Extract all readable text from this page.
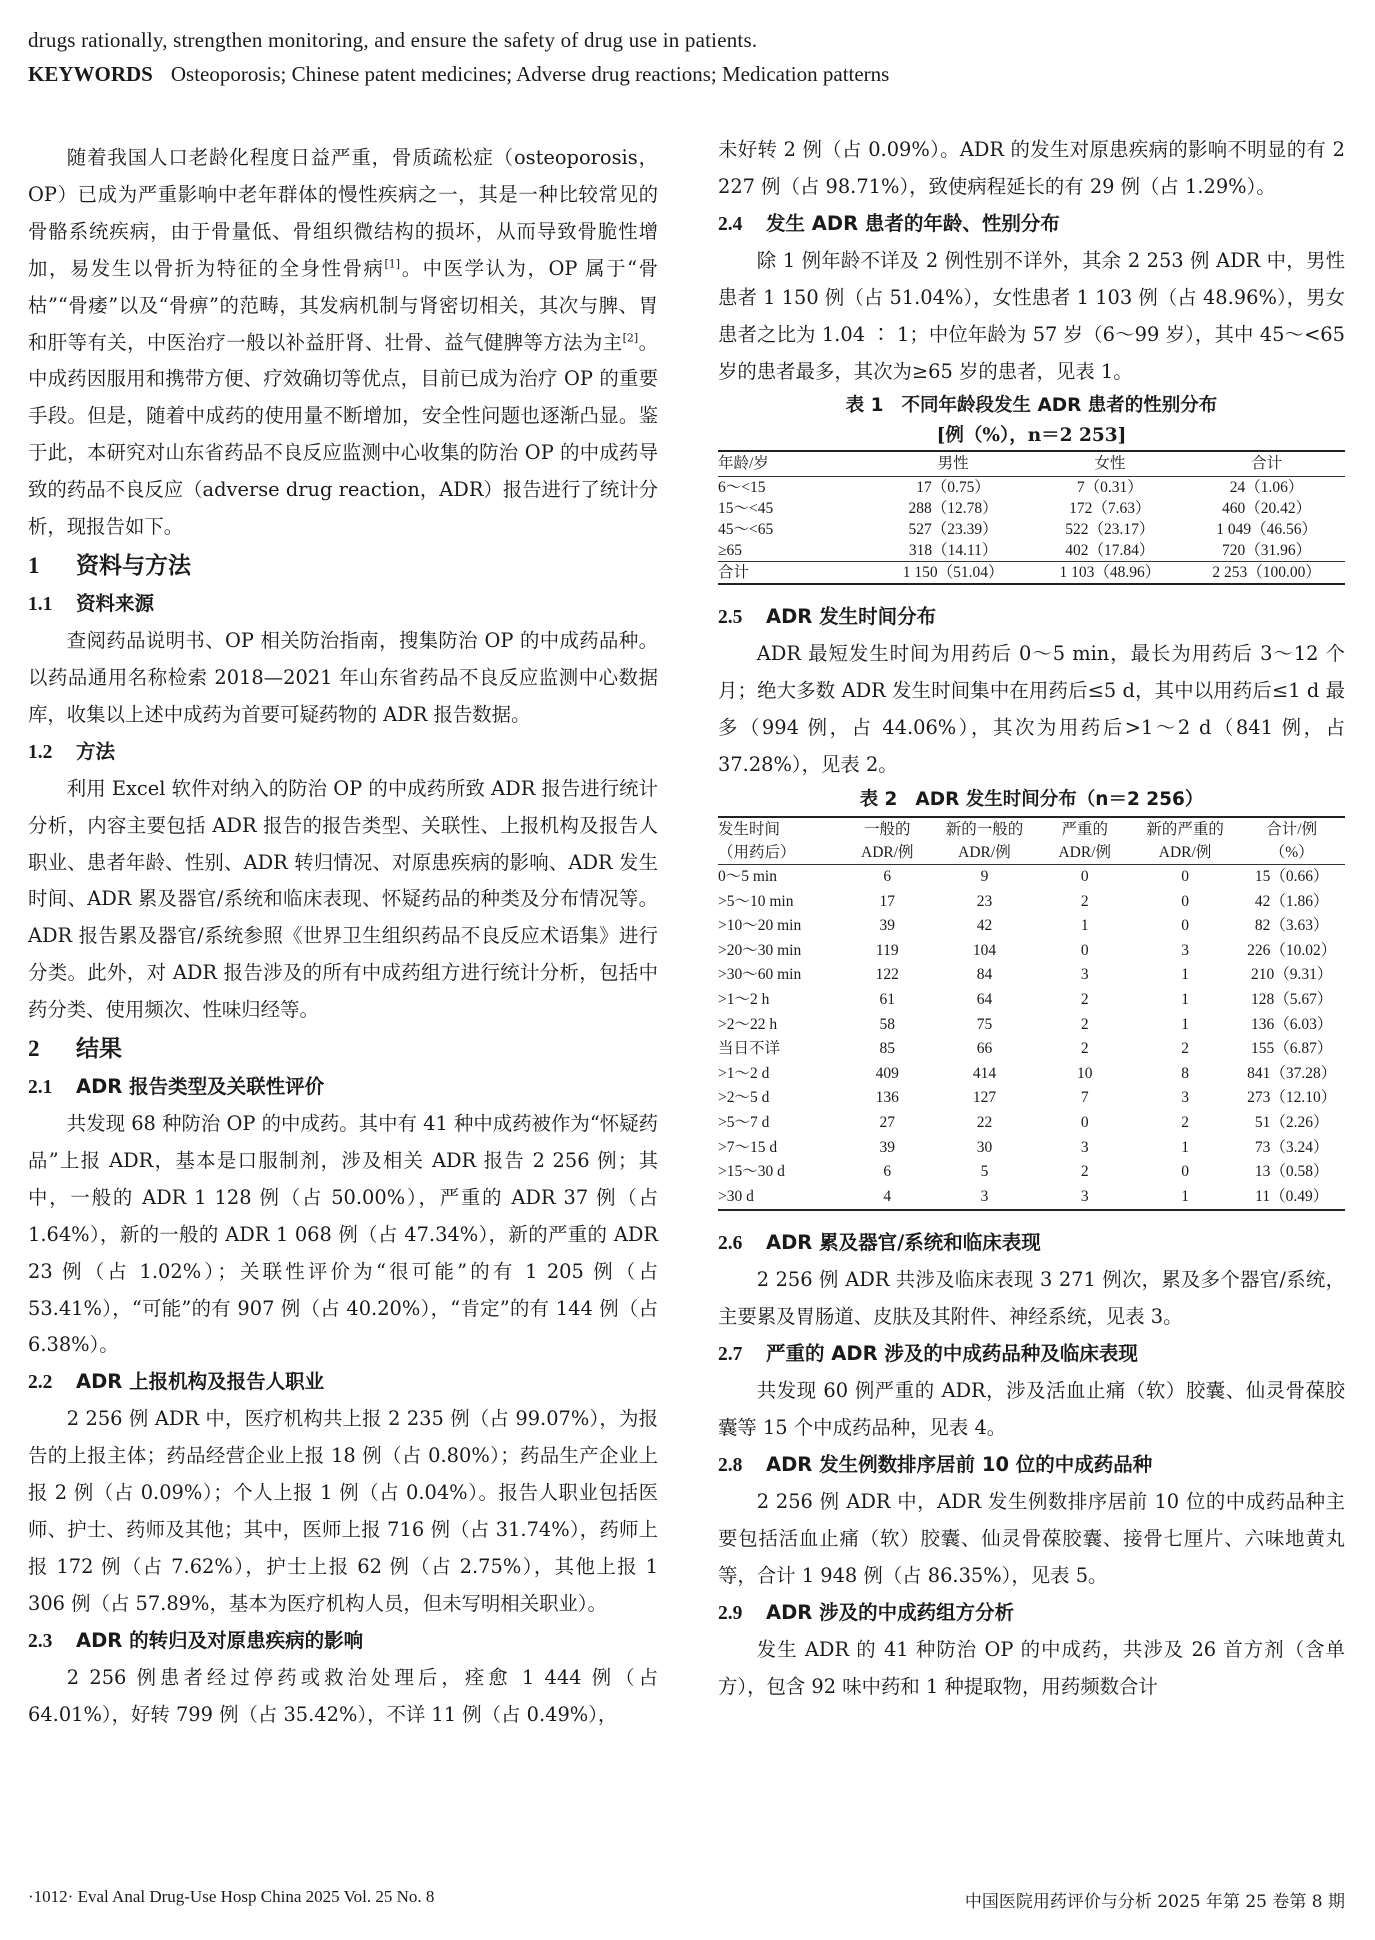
drugs rationally, strengthen monitoring, and ensure the safety of drug use in patients.
KEYWORDS Osteoporosis; Chinese patent medicines; Adverse drug reactions; Medication patterns

随着我国人口老龄化程度日益严重，骨质疏松症（osteoporosis，OP）已成为严重影响中老年群体的慢性疾病之一，其是一种比较常见的骨骼系统疾病，由于骨量低、骨组织微结构的损坏，从而导致骨脆性增加，易发生以骨折为特征的全身性骨病[1]。中医学认为，OP 属于“骨枯”“骨痿”以及“骨痹”的范畴，其发病机制与肾密切相关，其次与脾、胃和肝等有关，中医治疗一般以补益肝肾、壮骨、益气健脾等方法为主[2]。中成药因服用和携带方便、疗效确切等优点，目前已成为治疗 OP 的重要手段。但是，随着中成药的使用量不断增加，安全性问题也逐渐凸显。鉴于此，本研究对山东省药品不良反应监测中心收集的防治 OP 的中成药导致的药品不良反应（adverse drug reaction，ADR）报告进行了统计分析，现报告如下。

1 资料与方法
1.1 资料来源

查阅药品说明书、OP 相关防治指南，搜集防治 OP 的中成药品种。以药品通用名称检索 2018—2021 年山东省药品不良反应监测中心数据库，收集以上述中成药为首要可疑药物的 ADR 报告数据。

1.2 方法

利用 Excel 软件对纳入的防治 OP 的中成药所致 ADR 报告进行统计分析，内容主要包括 ADR 报告的报告类型、关联性、上报机构及报告人职业、患者年龄、性别、ADR 转归情况、对原患疾病的影响、ADR 发生时间、ADR 累及器官/系统和临床表现、怀疑药品的种类及分布情况等。ADR 报告累及器官/系统参照《世界卫生组织药品不良反应术语集》进行分类。此外，对 ADR 报告涉及的所有中成药组方进行统计分析，包括中药分类、使用频次、性味归经等。

2 结果
2.1 ADR 报告类型及关联性评价

共发现 68 种防治 OP 的中成药。其中有 41 种中成药被作为“怀疑药品”上报 ADR，基本是口服制剂，涉及相关 ADR 报告 2 256 例；其中，一般的 ADR 1 128 例（占 50.00%），严重的 ADR 37 例（占 1.64%），新的一般的 ADR 1 068 例（占 47.34%），新的严重的 ADR 23 例（占 1.02%）；关联性评价为“很可能”的有 1 205 例（占 53.41%），“可能”的有 907 例（占 40.20%），“肯定”的有 144 例（占 6.38%）。

2.2 ADR 上报机构及报告人职业

2 256 例 ADR 中，医疗机构共上报 2 235 例（占 99.07%），为报告的上报主体；药品经营企业上报 18 例（占 0.80%）；药品生产企业上报 2 例（占 0.09%）；个人上报 1 例（占 0.04%）。报告人职业包括医师、护士、药师及其他；其中，医师上报 716 例（占 31.74%），药师上报 172 例（占 7.62%），护士上报 62 例（占 2.75%），其他上报 1 306 例（占 57.89%，基本为医疗机构人员，但未写明相关职业）。

2.3 ADR 的转归及对原患疾病的影响

2 256 例患者经过停药或救治处理后，痊愈 1 444 例（占 64.01%），好转 799 例（占 35.42%），不详 11 例（占 0.49%），

未好转 2 例（占 0.09%）。ADR 的发生对原患疾病的影响不明显的有 2 227 例（占 98.71%），致使病程延长的有 29 例（占 1.29%）。

2.4 发生 ADR 患者的年龄、性别分布

除 1 例年龄不详及 2 例性别不详外，其余 2 253 例 ADR 中，男性患者 1 150 例（占 51.04%），女性患者 1 103 例（占 48.96%），男女患者之比为 1.04 ∶ 1；中位年龄为 57 岁（6～99 岁），其中 45～<65 岁的患者最多，其次为≥65 岁的患者，见表 1。

表 1 不同年龄段发生 ADR 患者的性别分布
[例（%），n＝2 253]
年龄/岁	男性	女性	合计
6～<15	17（0.75）	7（0.31）	24（1.06）
15～<45	288（12.78）	172（7.63）	460（20.42）
45～<65	527（23.39）	522（23.17）	1 049（46.56）
≥65	318（14.11）	402（17.84）	720（31.96）
合计	1 150（51.04）	1 103（48.96）	2 253（100.00）
2.5 ADR 发生时间分布

ADR 最短发生时间为用药后 0～5 min，最长为用药后 3～12 个月；绝大多数 ADR 发生时间集中在用药后≤5 d，其中以用药后≤1 d 最多（994 例，占 44.06%），其次为用药后>1～2 d（841 例，占 37.28%），见表 2。

表 2 ADR 发生时间分布（n＝2 256）
发生时间	一般的	新的一般的	严重的	新的严重的	合计/例
（用药后）	ADR/例	ADR/例	ADR/例	ADR/例	（%）
0～5 min	6	9	0	0	15（0.66）
>5～10 min	17	23	2	0	42（1.86）
>10～20 min	39	42	1	0	82（3.63）
>20～30 min	119	104	0	3	226（10.02）
>30～60 min	122	84	3	1	210（9.31）
>1～2 h	61	64	2	1	128（5.67）
>2～22 h	58	75	2	1	136（6.03）
当日不详	85	66	2	2	155（6.87）
>1～2 d	409	414	10	8	841（37.28）
>2～5 d	136	127	7	3	273（12.10）
>5～7 d	27	22	0	2	51（2.26）
>7～15 d	39	30	3	1	73（3.24）
>15～30 d	6	5	2	0	13（0.58）
>30 d	4	3	3	1	11（0.49）
2.6 ADR 累及器官/系统和临床表现

2 256 例 ADR 共涉及临床表现 3 271 例次，累及多个器官/系统，主要累及胃肠道、皮肤及其附件、神经系统，见表 3。

2.7 严重的 ADR 涉及的中成药品种及临床表现

共发现 60 例严重的 ADR，涉及活血止痛（软）胶囊、仙灵骨葆胶囊等 15 个中成药品种，见表 4。

2.8 ADR 发生例数排序居前 10 位的中成药品种

2 256 例 ADR 中，ADR 发生例数排序居前 10 位的中成药品种主要包括活血止痛（软）胶囊、仙灵骨葆胶囊、接骨七厘片、六味地黄丸等，合计 1 948 例（占 86.35%），见表 5。

2.9 ADR 涉及的中成药组方分析

发生 ADR 的 41 种防治 OP 的中成药，共涉及 26 首方剂（含单方），包含 92 味中药和 1 种提取物，用药频数合计

·1012· Eval Anal Drug-Use Hosp China 2025 Vol. 25 No. 8	中国医院用药评价与分析 2025 年第 25 卷第 8 期
